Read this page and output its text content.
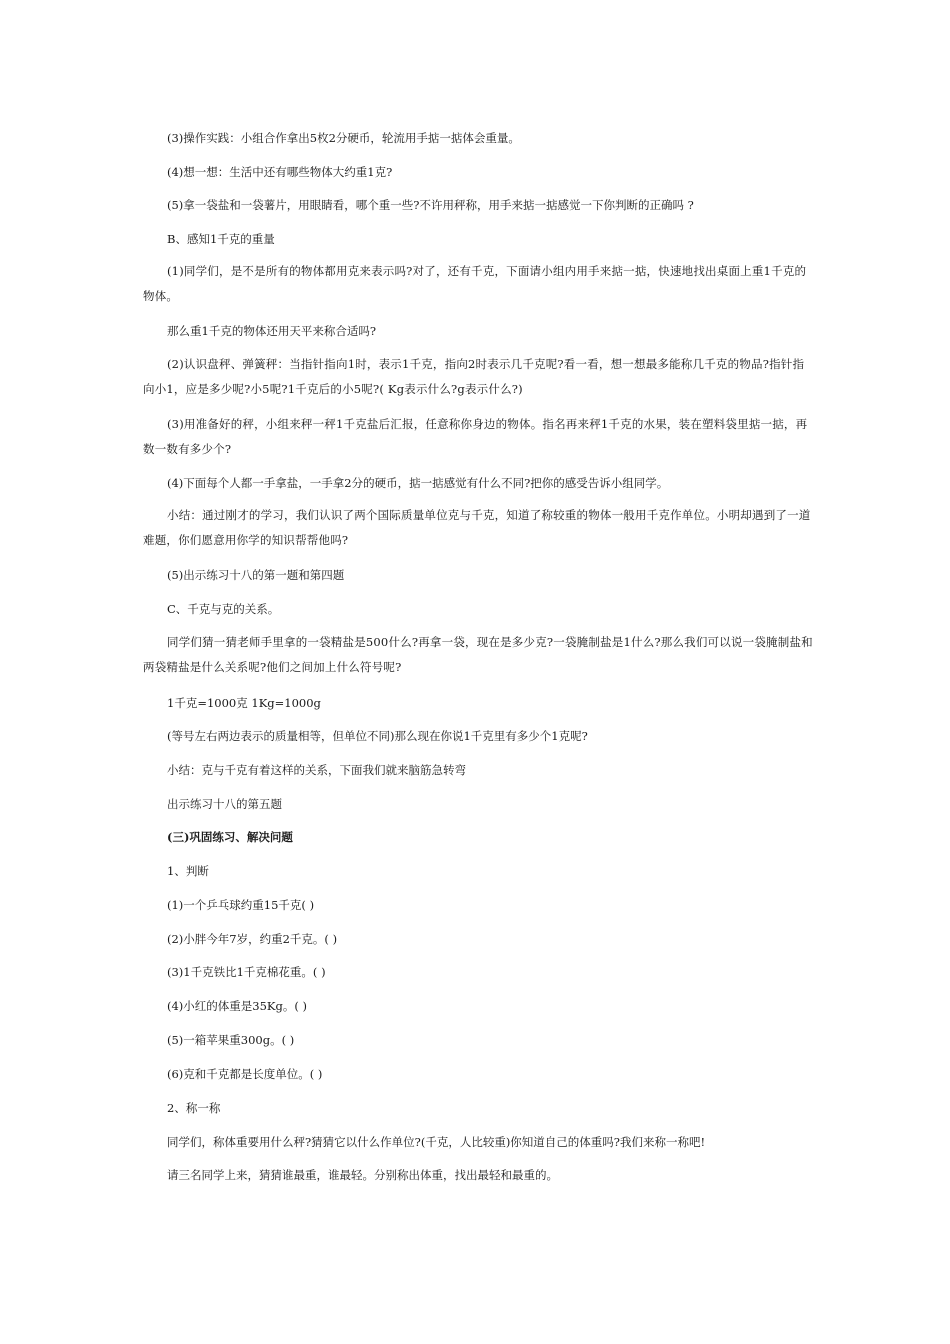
(3)操作实践：小组合作拿出5枚2分硬币，轮流用手掂一掂体会重量。
(4)想一想：生活中还有哪些物体大约重1克?
(5)拿一袋盐和一袋薯片，用眼睛看，哪个重一些?不许用秤称，用手来掂一掂感觉一下你判断的正确吗 ?
B、感知1千克的重量
(1)同学们，是不是所有的物体都用克来表示吗?对了，还有千克，下面请小组内用手来掂一掂，快速地找出桌面上重1千克的物体。
那么重1千克的物体还用天平来称合适吗?
(2)认识盘秤、弹簧秤：当指针指向1时，表示1千克，指向2时表示几千克呢?看一看，想一想最多能称几千克的物品?指针指向小1，应是多少呢?小5呢?1千克后的小5呢?( Kg表示什么?g表示什么?)
(3)用准备好的秤，小组来秤一秤1千克盐后汇报，任意称你身边的物体。指名再来秤1千克的水果，装在塑料袋里掂一掂，再数一数有多少个?
(4)下面每个人都一手拿盐，一手拿2分的硬币，掂一掂感觉有什么不同?把你的感受告诉小组同学。
小结：通过刚才的学习，我们认识了两个国际质量单位克与千克，知道了称较重的物体一般用千克作单位。小明却遇到了一道难题，你们愿意用你学的知识帮帮他吗?
(5)出示练习十八的第一题和第四题
C、千克与克的关系。
同学们猜一猜老师手里拿的一袋精盐是500什么?再拿一袋，现在是多少克?一袋腌制盐是1什么?那么我们可以说一袋腌制盐和两袋精盐是什么关系呢?他们之间加上什么符号呢?
1千克=1000克 1Kg=1000g
(等号左右两边表示的质量相等，但单位不同)那么现在你说1千克里有多少个1克呢?
小结：克与千克有着这样的关系，下面我们就来脑筋急转弯
出示练习十八的第五题
(三)巩固练习、解决问题
1、判断
(1)一个乒乓球约重15千克( )
(2)小胖今年7岁，约重2千克。( )
(3)1千克铁比1千克棉花重。( )
(4)小红的体重是35Kg。( )
(5)一箱苹果重300g。( )
(6)克和千克都是长度单位。( )
2、称一称
同学们，称体重要用什么秤?猜猜它以什么作单位?(千克，人比较重)你知道自己的体重吗?我们来称一称吧!
请三名同学上来，猜猜谁最重，谁最轻。分别称出体重，找出最轻和最重的。
